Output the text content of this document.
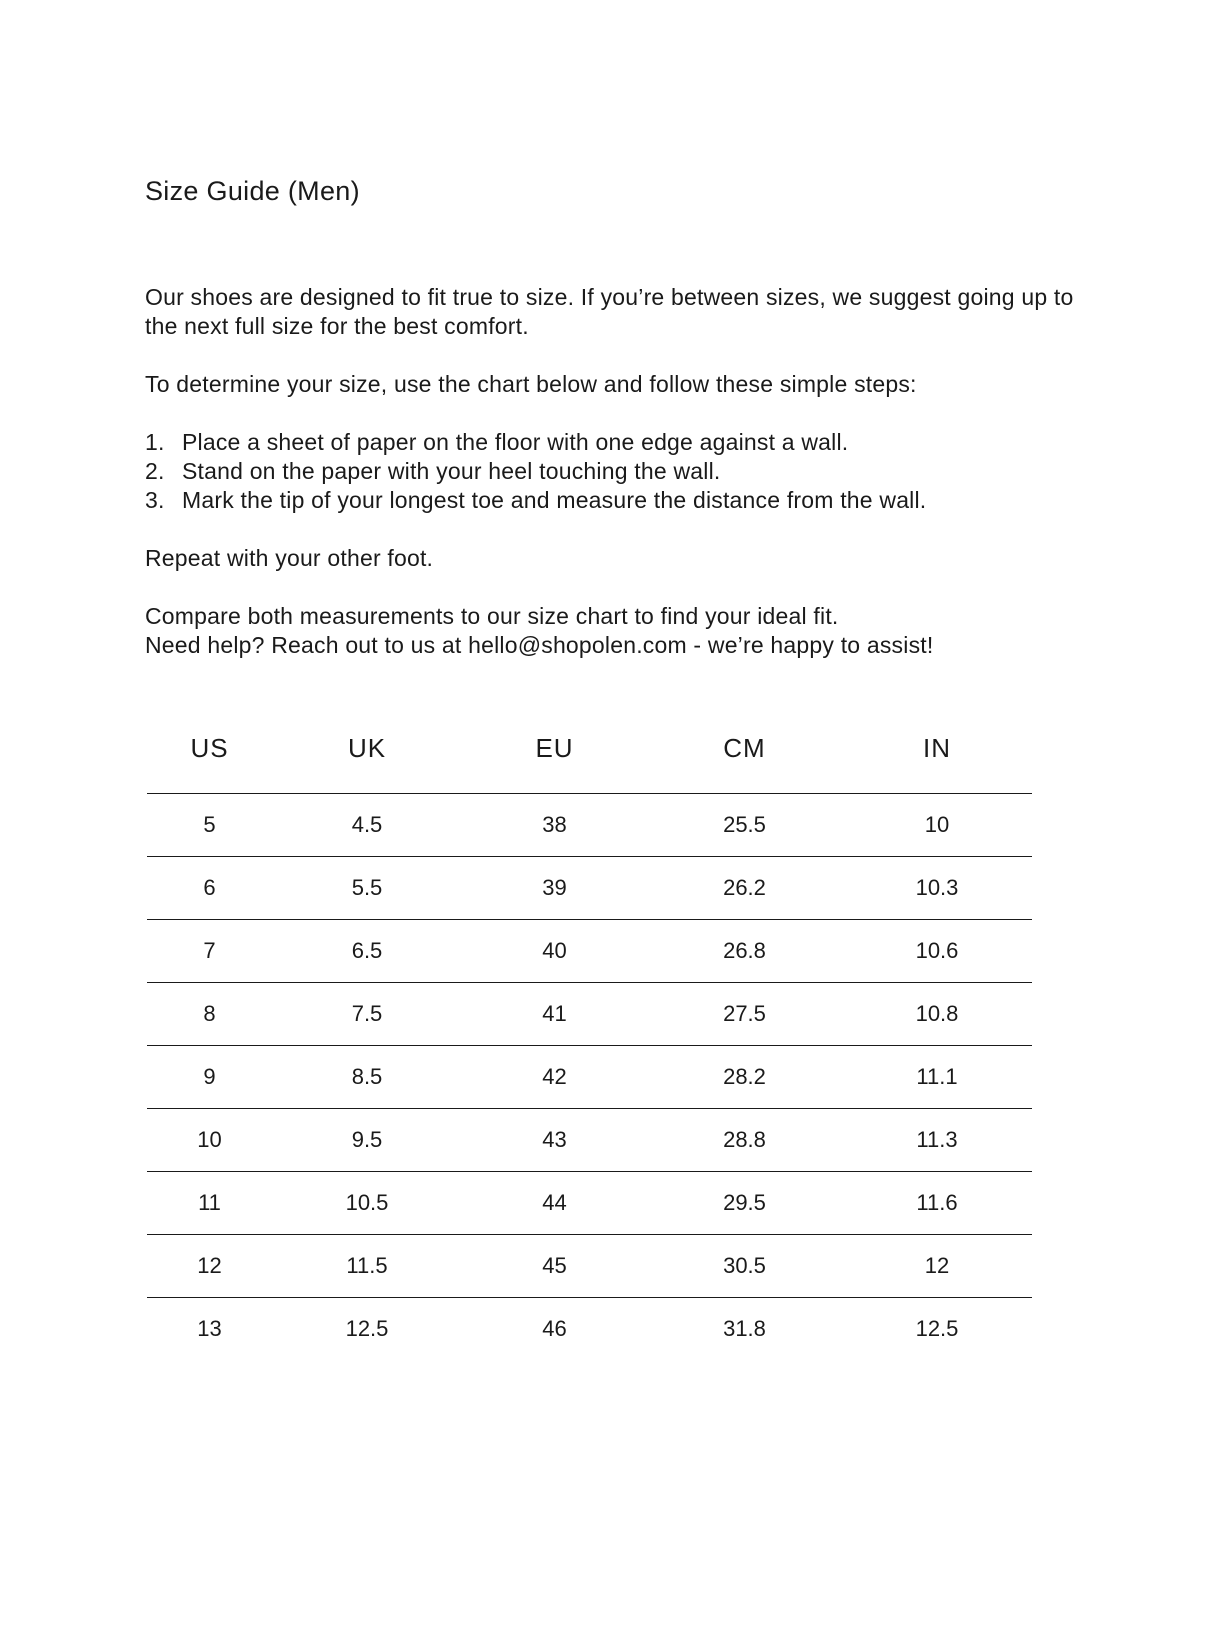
Size Guide (Men)

Our shoes are designed to fit true to size. If you’re between sizes, we suggest going up to the next full size for the best comfort.

To determine your size, use the chart below and follow these simple steps:

1. Place a sheet of paper on the floor with one edge against a wall.
2. Stand on the paper with your heel touching the wall.
3. Mark the tip of your longest toe and measure the distance from the wall.

Repeat with your other foot.

Compare both measurements to our size chart to find your ideal fit.
Need help? Reach out to us at hello@shopolen.com - we’re happy to assist!

US	UK	EU	CM	IN
5	4.5	38	25.5	10
6	5.5	39	26.2	10.3
7	6.5	40	26.8	10.6
8	7.5	41	27.5	10.8
9	8.5	42	28.2	11.1
10	9.5	43	28.8	11.3
11	10.5	44	29.5	11.6
12	11.5	45	30.5	12
13	12.5	46	31.8	12.5
